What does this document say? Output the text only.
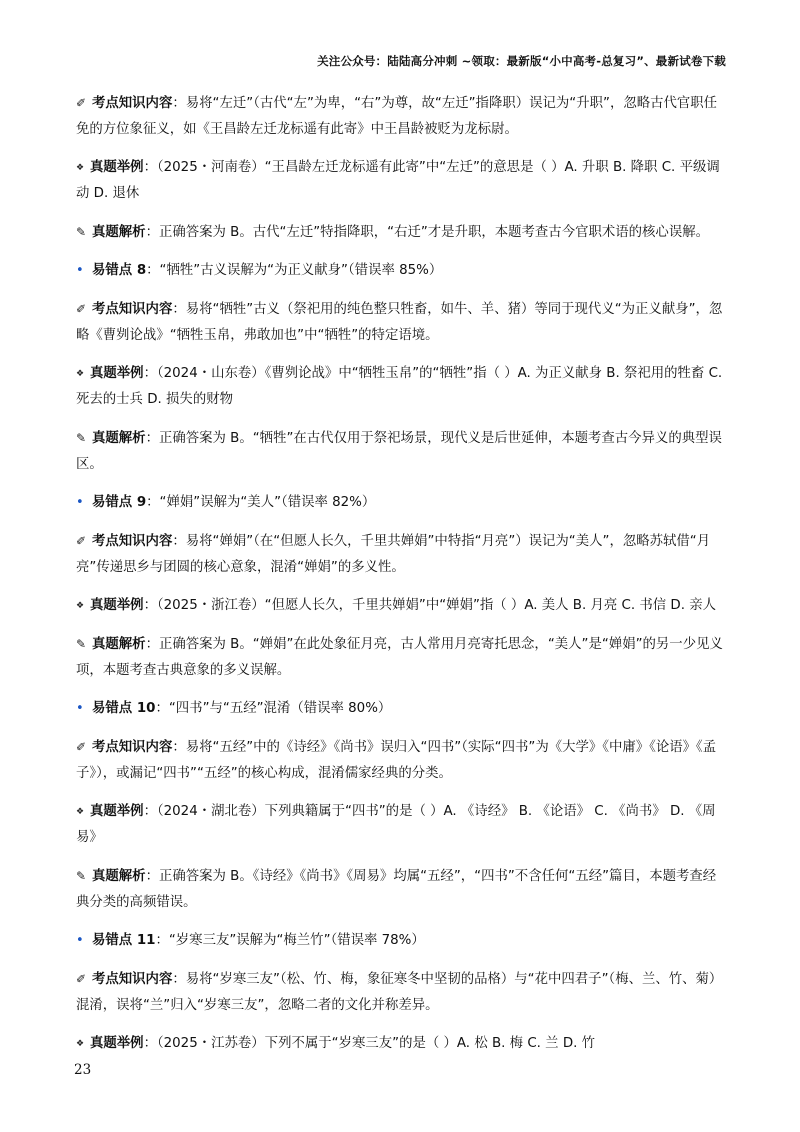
关注公众号：陆陆高分冲刺 ~领取：最新版“小中高考-总复习”、最新试卷下载
✐ 考点知识内容：易将“左迁”（古代“左”为卑，“右”为尊，故“左迁”指降职）误记为“升职”，忽略古代官职任免的方位象征义，如《王昌龄左迁龙标遥有此寄》中王昌龄被贬为龙标尉。
❖ 真题举例：（2025・河南卷）“王昌龄左迁龙标遥有此寄”中“左迁”的意思是（ ）A. 升职 B. 降职 C. 平级调动 D. 退休
✎ 真题解析：正确答案为 B。古代“左迁”特指降职，“右迁”才是升职，本题考查古今官职术语的核心误解。
• 易错点 8：“牺牲”古义误解为“为正义献身”（错误率 85%）
✐ 考点知识内容：易将“牺牲”古义（祭祀用的纯色整只牲畜，如牛、羊、猪）等同于现代义“为正义献身”，忽略《曹刿论战》“牺牲玉帛，弗敢加也”中“牺牲”的特定语境。
❖ 真题举例：（2024・山东卷）《曹刿论战》中“牺牲玉帛”的“牺牲”指（ ）A. 为正义献身 B. 祭祀用的牲畜 C. 死去的士兵 D. 损失的财物
✎ 真题解析：正确答案为 B。“牺牲”在古代仅用于祭祀场景，现代义是后世延伸，本题考查古今异义的典型误区。
• 易错点 9：“婵娟”误解为“美人”（错误率 82%）
✐ 考点知识内容：易将“婵娟”（在“但愿人长久，千里共婵娟”中特指“月亮”）误记为“美人”，忽略苏轼借“月亮”传递思乡与团圆的核心意象，混淆“婵娟”的多义性。
❖ 真题举例：（2025・浙江卷）“但愿人长久，千里共婵娟”中“婵娟”指（ ）A. 美人 B. 月亮 C. 书信 D. 亲人
✎ 真题解析：正确答案为 B。“婵娟”在此处象征月亮，古人常用月亮寄托思念，“美人”是“婵娟”的另一少见义项，本题考查古典意象的多义误解。
• 易错点 10：“四书”与“五经”混淆（错误率 80%）
✐ 考点知识内容：易将“五经”中的《诗经》《尚书》误归入“四书”（实际“四书”为《大学》《中庸》《论语》《孟子》），或漏记“四书”“五经”的核心构成，混淆儒家经典的分类。
❖ 真题举例：（2024・湖北卷）下列典籍属于“四书”的是（ ）A. 《诗经》 B. 《论语》 C. 《尚书》 D. 《周易》
✎ 真题解析：正确答案为 B。《诗经》《尚书》《周易》均属“五经”，“四书”不含任何“五经”篇目，本题考查经典分类的高频错误。
• 易错点 11：“岁寒三友”误解为“梅兰竹”（错误率 78%）
✐ 考点知识内容：易将“岁寒三友”（松、竹、梅，象征寒冬中坚韧的品格）与“花中四君子”（梅、兰、竹、菊）混淆，误将“兰”归入“岁寒三友”，忽略二者的文化并称差异。
❖ 真题举例：（2025・江苏卷）下列不属于“岁寒三友”的是（ ）A. 松 B. 梅 C. 兰 D. 竹
23
